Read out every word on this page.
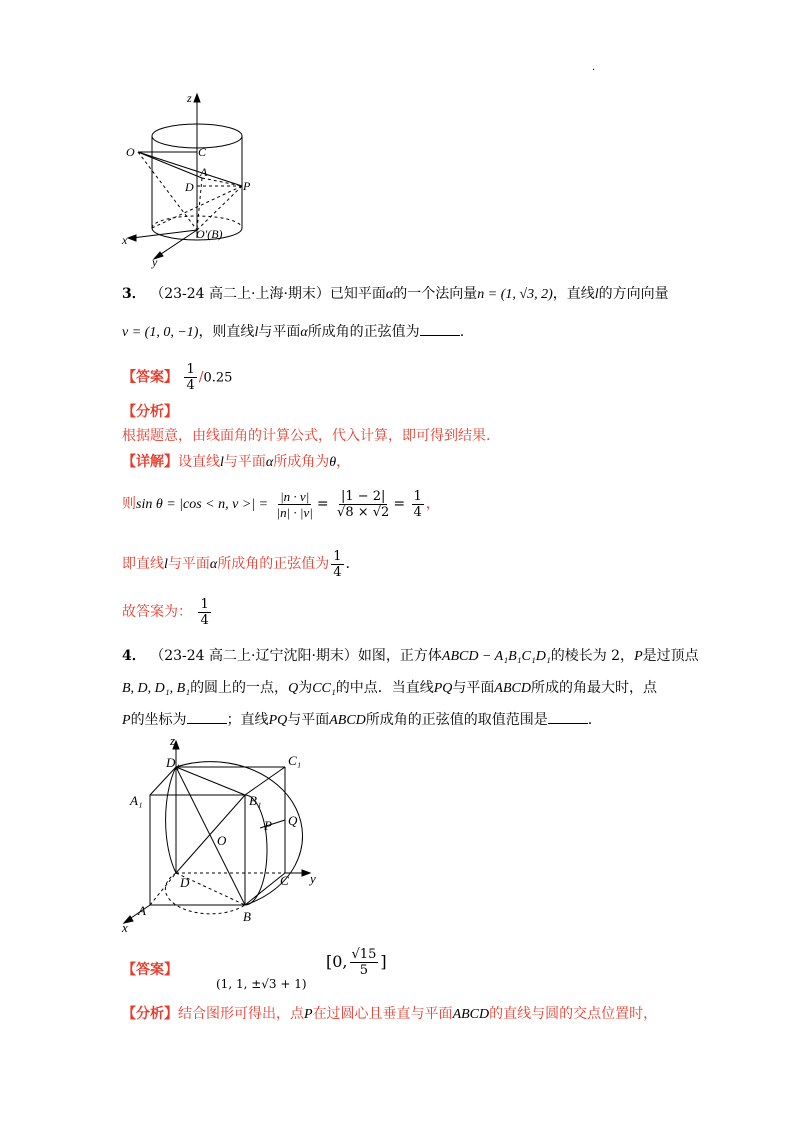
.
z
O	C
A
D	P
x
y
O'(B)
3． （23-24 高二上·上海·期末）已知平面α的一个法向量n = (1, √3, 2)，直线l的方向向量
v = (1, 0, −1)，则直线l与平面α所成角的正弦值为	.
【答案】 $\frac{1}{4} /0.25$
【分析】
根据题意，由线面角的计算公式，代入计算，即可得到结果.
【详解】设直线l与平面α所成角为θ，
则sin θ = |cos < n, v >| = $\frac{|n \cdot v|}{|n| \cdot |v|} = \frac{|1 - 2|}{√8 \times √2} = \frac{1}{4}$ ，
即直线l与平面α所成角的正弦值为 $\frac{1}{4}$ .
故答案为： $\frac{1}{4}$
4． （23-24 高二上·辽宁沈阳·期末）如图，正方体ABCD − A₁B₁C₁D₁的棱长为 2，P是过顶点
B, D, D₁, B₁的圆上的一点，Q为CC₁的中点．当直线PQ与平面ABCD所成的角最大时，点
P的坐标为	；直线PQ与平面ABCD所成角的正弦值的取值范围是	.
z
D₁	C₁
A₁	B₁
P Q
O
D	C y
A	B
x
【答案】
(1, 1, ±√3 + 1)
[0, $\frac{√15}{5}$ ]
【分析】结合图形可得出，点P在过圆心且垂直与平面ABCD的直线与圆的交点位置时，
